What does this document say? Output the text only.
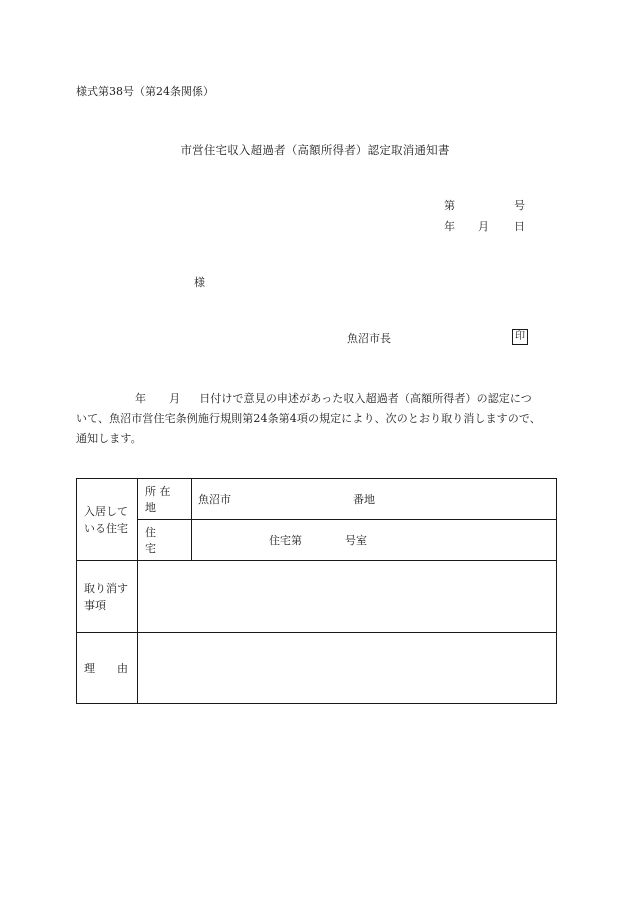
様式第38号（第24条関係）
市営住宅収入超過者（高額所得者）認定取消通知書
第	号
年 月 日
様
魚沼市長	印
年 月 日付けで意見の申述があった収入超過者（高額所得者）の認定につ
いて、魚沼市営住宅条例施行規則第24条第4項の規定により、次のとおり取り消しますので、
通知します。
入居して
いる住宅	所 在 地	魚沼市 番地
	住宅	住宅第 号室

取り消す
事項		

理 由		
